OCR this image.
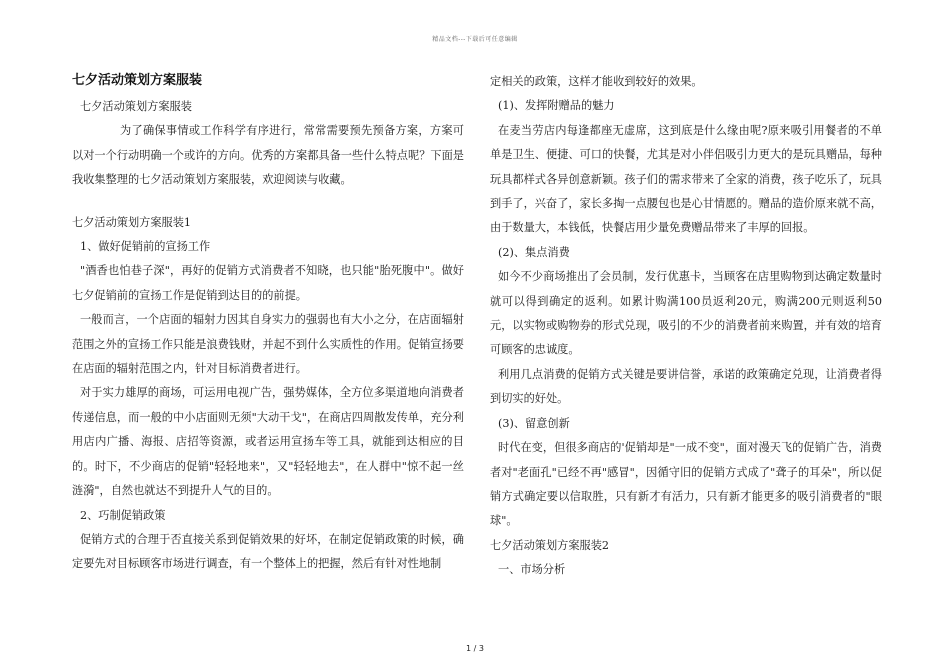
精品文档---下载后可任意编辑
七夕活动策划方案服装

七夕活动策划方案服装

为了确保事情或工作科学有序进行，常常需要预先预备方案，方案可以对一个行动明确一个或许的方向。优秀的方案都具备一些什么特点呢？下面是我收集整理的七夕活动策划方案服装，欢迎阅读与收藏。

七夕活动策划方案服装1

1、做好促销前的宣扬工作

"酒香也怕巷子深"，再好的促销方式消费者不知晓，也只能"胎死腹中"。做好七夕促销前的宣扬工作是促销到达目的的前提。

一般而言，一个店面的辐射力因其自身实力的强弱也有大小之分，在店面辐射范围之外的宣扬工作只能是浪费钱财，并起不到什么实质性的作用。促销宣扬要在店面的辐射范围之内，针对目标消费者进行。

对于实力雄厚的商场，可运用电视广告，强势媒体，全方位多渠道地向消费者传递信息，而一般的中小店面则无须"大动干戈"，在商店四周散发传单，充分利用店内广播、海报、店招等资源，或者运用宣扬车等工具，就能到达相应的目的。时下，不少商店的促销"轻轻地来"，又"轻轻地去"，在人群中"惊不起一丝涟漪"，自然也就达不到提升人气的目的。

2、巧制促销政策

促销方式的合理于否直接关系到促销效果的好坏，在制定促销政策的时候，确定要先对目标顾客市场进行调查，有一个整体上的把握，然后有针对性地制

定相关的政策，这样才能收到较好的效果。

(1)、发挥附赠品的魅力

在麦当劳店内每逢都座无虚席，这到底是什么缘由呢?原来吸引用餐者的不单单是卫生、便捷、可口的快餐，尤其是对小伴侣吸引力更大的是玩具赠品，每种玩具都样式各异创意新颖。孩子们的需求带来了全家的消费，孩子吃乐了，玩具到手了，兴奋了，家长多掏一点腰包也是心甘情愿的。赠品的造价原来就不高，由于数量大，本钱低，快餐店用少量免费赠品带来了丰厚的回报。

(2)、集点消费

如今不少商场推出了会员制，发行优惠卡，当顾客在店里购物到达确定数量时就可以得到确定的返利。如累计购满100员返利20元，购满200元则返利50元，以实物或购物券的形式兑现，吸引的不少的消费者前来购置，并有效的培育可顾客的忠诚度。

利用几点消费的促销方式关键是要讲信誉，承诺的政策确定兑现，让消费者得到切实的好处。

(3)、留意创新

时代在变，但很多商店的'促销却是"一成不变"，面对漫天飞的促销广告，消费者对"老面孔"已经不再"感冒"，因循守旧的促销方式成了"聋子的耳朵"，所以促销方式确定要以信取胜，只有新才有活力，只有新才能更多的吸引消费者的"眼球"。

七夕活动策划方案服装2

一、市场分析

1 / 3
